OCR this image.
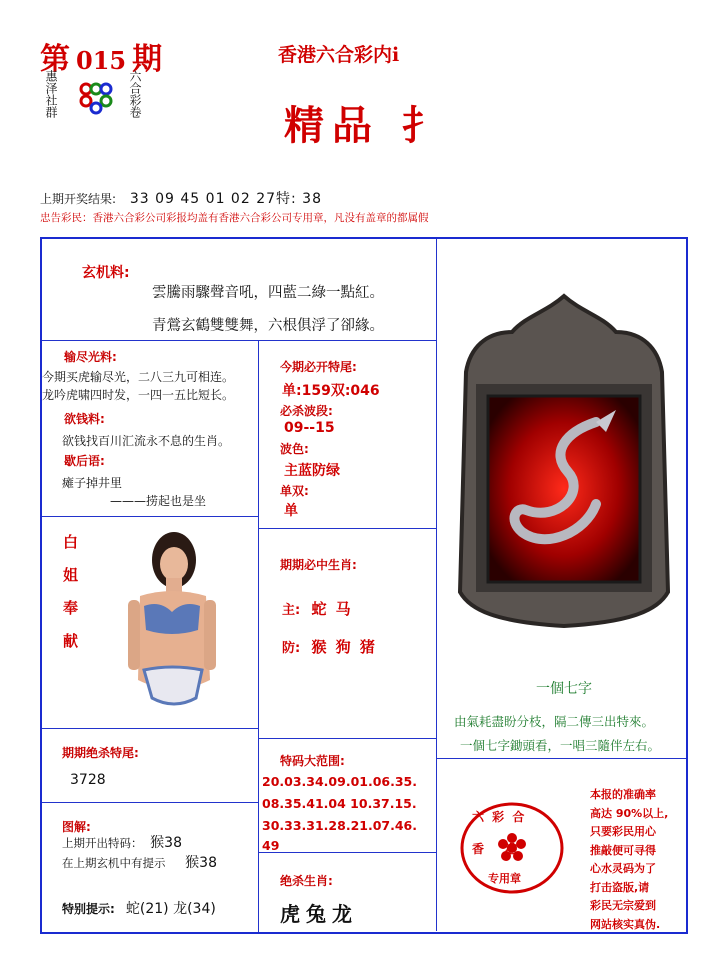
第 015 期
惠泽社群	六合彩卷
香港六合彩内i
精品 扌
上期开奖结果: 33 09 45 01 02 27特: 38
忠告彩民：香港六合彩公司彩报均盖有香港六合彩公司专用章，凡没有盖章的都属假
玄机料:
雲騰雨驟聲音吼，四藍二綠一點紅。
青鶯玄鶴雙雙舞，六根俱浮了卻緣。
输尽光料:
今期买虎输尽光，二八三九可相连。
龙吟虎啸四时发，一四一五比短长。
欲钱料:
欲钱找百川汇流永不息的生肖。
歇后语:
瘫子掉井里
———捞起也是坐
今期必开特尾:
单:159双:046
必杀波段:
09--15
波色:
主蓝防绿
单双:
单
期期必中生肖:
主: 蛇 马
防: 猴 狗 猪
白姐奉献
一個七字
由氣耗盡盼分枝，隔二傳三出特來。
一個七字鋤頭看，一唱三隨伴左右。
期期绝杀特尾:
3728
图解:
上期开出特码： 猴38
在上期玄机中有提示 猴38
特别提示: 蛇(21) 龙(34)
特码大范围:
20.03.34.09.01.06.35.
08.35.41.04 10.37.15.
30.33.31.28.21.07.46.
49
绝杀生肖:
虎兔龙
六 彩 合
香     港
专用章
本报的准确率
高达 90%以上,
只要彩民用心
推敲便可寻得
心水灵码为了
打击盗版,请
彩民无宗爱到
网站核实真伪.
